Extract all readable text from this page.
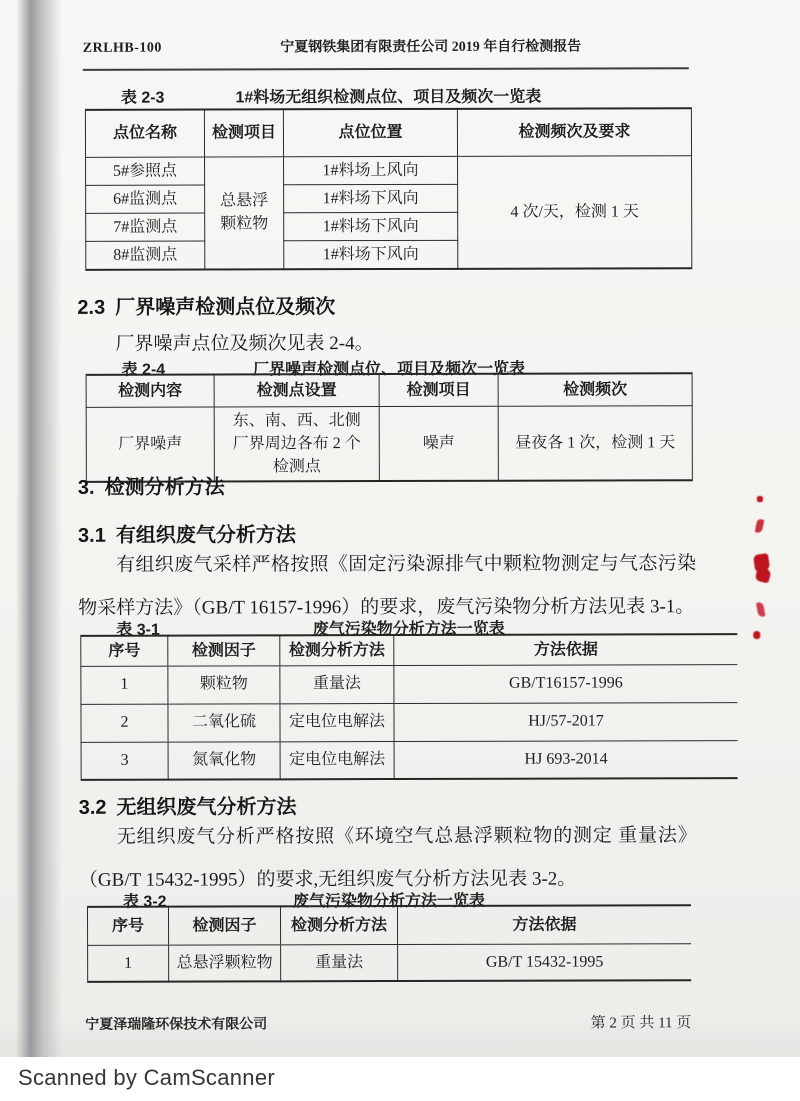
ZRLHB-100	宁夏钢铁集团有限责任公司 2019 年自行检测报告
表 2-3	1#料场无组织检测点位、项目及频次一览表
点位名称	检测项目	点位位置	检测频次及要求
5#参照点	总悬浮颗粒物	1#料场上风向	4 次/天，检测 1 天
6#监测点		1#料场下风向	
7#监测点		1#料场下风向	
8#监测点		1#料场下风向	
2.3 厂界噪声检测点位及频次
厂界噪声点位及频次见表 2-4。
表 2-4	厂界噪声检测点位、项目及频次一览表
检测内容	检测点设置	检测项目	检测频次
厂界噪声	东、南、西、北侧厂界周边各布 2 个检测点	噪声	昼夜各 1 次，检测 1 天
3. 检测分析方法
3.1 有组织废气分析方法
有组织废气采样严格按照《固定污染源排气中颗粒物测定与气态污染物采样方法》（GB/T 16157-1996）的要求，废气污染物分析方法见表 3-1。
表 3-1	废气污染物分析方法一览表
序号	检测因子	检测分析方法	方法依据
1	颗粒物	重量法	GB/T16157-1996
2	二氧化硫	定电位电解法	HJ/57-2017
3	氮氧化物	定电位电解法	HJ 693-2014
3.2 无组织废气分析方法
无组织废气分析严格按照《环境空气总悬浮颗粒物的测定 重量法》（GB/T 15432-1995）的要求,无组织废气分析方法见表 3-2。
表 3-2	废气污染物分析方法一览表
序号	检测因子	检测分析方法	方法依据
1	总悬浮颗粒物	重量法	GB/T 15432-1995
宁夏泽瑞隆环保技术有限公司	第 2 页 共 11 页
Scanned by CamScanner
